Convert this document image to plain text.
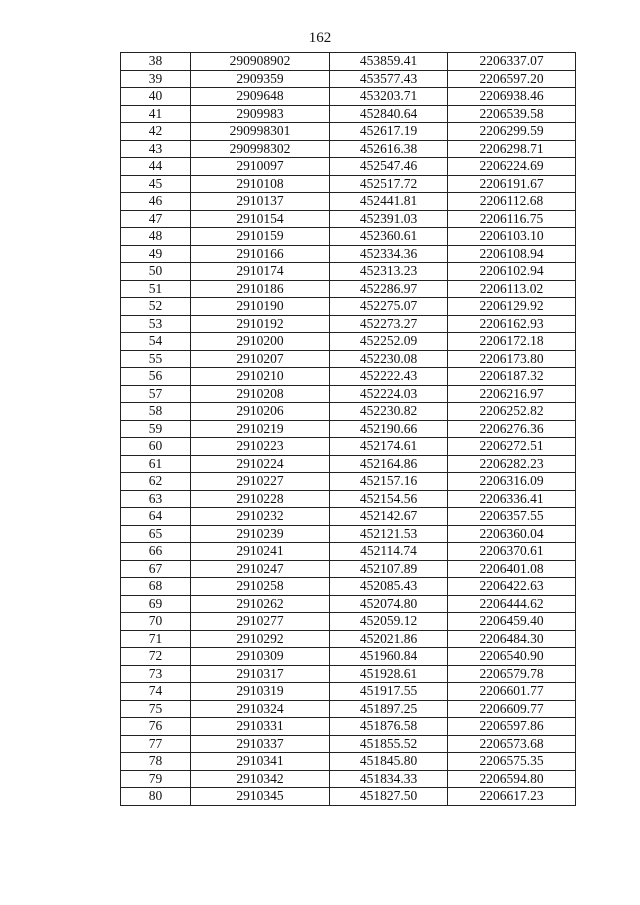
162
38	290908902	453859.41	2206337.07
39	2909359	453577.43	2206597.20
40	2909648	453203.71	2206938.46
41	2909983	452840.64	2206539.58
42	290998301	452617.19	2206299.59
43	290998302	452616.38	2206298.71
44	2910097	452547.46	2206224.69
45	2910108	452517.72	2206191.67
46	2910137	452441.81	2206112.68
47	2910154	452391.03	2206116.75
48	2910159	452360.61	2206103.10
49	2910166	452334.36	2206108.94
50	2910174	452313.23	2206102.94
51	2910186	452286.97	2206113.02
52	2910190	452275.07	2206129.92
53	2910192	452273.27	2206162.93
54	2910200	452252.09	2206172.18
55	2910207	452230.08	2206173.80
56	2910210	452222.43	2206187.32
57	2910208	452224.03	2206216.97
58	2910206	452230.82	2206252.82
59	2910219	452190.66	2206276.36
60	2910223	452174.61	2206272.51
61	2910224	452164.86	2206282.23
62	2910227	452157.16	2206316.09
63	2910228	452154.56	2206336.41
64	2910232	452142.67	2206357.55
65	2910239	452121.53	2206360.04
66	2910241	452114.74	2206370.61
67	2910247	452107.89	2206401.08
68	2910258	452085.43	2206422.63
69	2910262	452074.80	2206444.62
70	2910277	452059.12	2206459.40
71	2910292	452021.86	2206484.30
72	2910309	451960.84	2206540.90
73	2910317	451928.61	2206579.78
74	2910319	451917.55	2206601.77
75	2910324	451897.25	2206609.77
76	2910331	451876.58	2206597.86
77	2910337	451855.52	2206573.68
78	2910341	451845.80	2206575.35
79	2910342	451834.33	2206594.80
80	2910345	451827.50	2206617.23
